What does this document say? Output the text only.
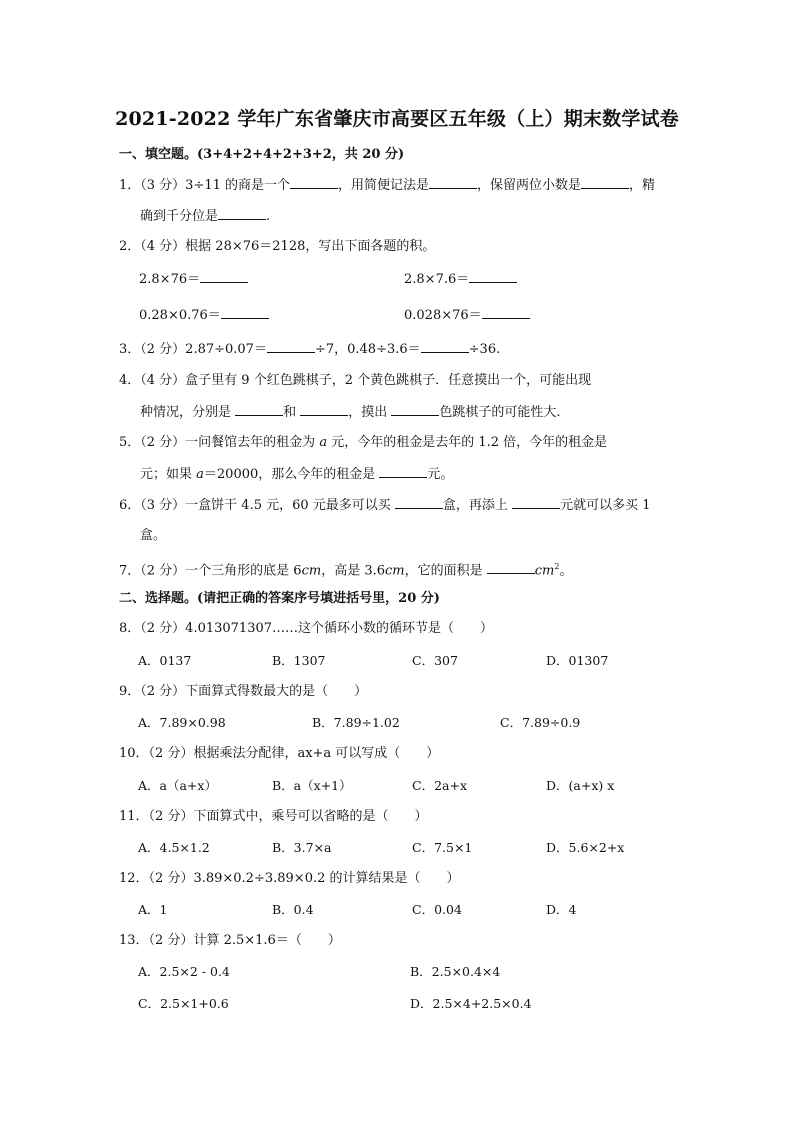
2021-2022 学年广东省肇庆市高要区五年级（上）期末数学试卷
一、填空题。(3+4+2+4+2+3+2，共 20 分)
1．（3 分）3÷11 的商是一个	，用简便记法是	，保留两位小数是	，精
确到千分位是	.
2．（4 分）根据 28×76＝2128，写出下面各题的积。
2.8×76＝	2.8×7.6＝
0.28×0.76＝	0.028×76＝
3．（2 分）2.87÷0.07＝	÷7，0.48÷3.6＝	÷36.
4．（4 分）盒子里有 9 个红色跳棋子，2 个黄色跳棋子．任意摸出一个，可能出现
种情况，分别是	和	，摸出	色跳棋子的可能性大.
5．（2 分）一问餐馆去年的租金为 a 元，今年的租金是去年的 1.2 倍，今年的租金是
元；如果 a＝20000，那么今年的租金是	元。
6．（3 分）一盒饼干 4.5 元，60 元最多可以买	盒，再添上	元就可以多买 1
盒。
7．（2 分）一个三角形的底是 6cm，高是 3.6cm，它的面积是	$cm^2$。
二、选择题。(请把正确的答案序号填进括号里，20 分)
8．（2 分）4.013071307……这个循环小数的循环节是（　　）
A．0137	B．1307	C．307	D．01307
9．（2 分）下面算式得数最大的是（　　）
A．7.89×0.98	B．7.89÷1.02	C．7.89÷0.9
10．（2 分）根据乘法分配律，ax+a 可以写成（　　）
A．a（a+x）	B．a（x+1）	C．2a+x	D．(a+x) x
11．（2 分）下面算式中，乘号可以省略的是（　　）
A．4.5×1.2	B．3.7×a	C．7.5×1	D．5.6×2+x
12．（2 分）3.89×0.2÷3.89×0.2 的计算结果是（　　）
A．1	B．0.4	C．0.04	D．4
13．（2 分）计算 2.5×1.6＝（　　）
A．2.5×2 - 0.4	B．2.5×0.4×4
C．2.5×1+0.6	D．2.5×4+2.5×0.4
